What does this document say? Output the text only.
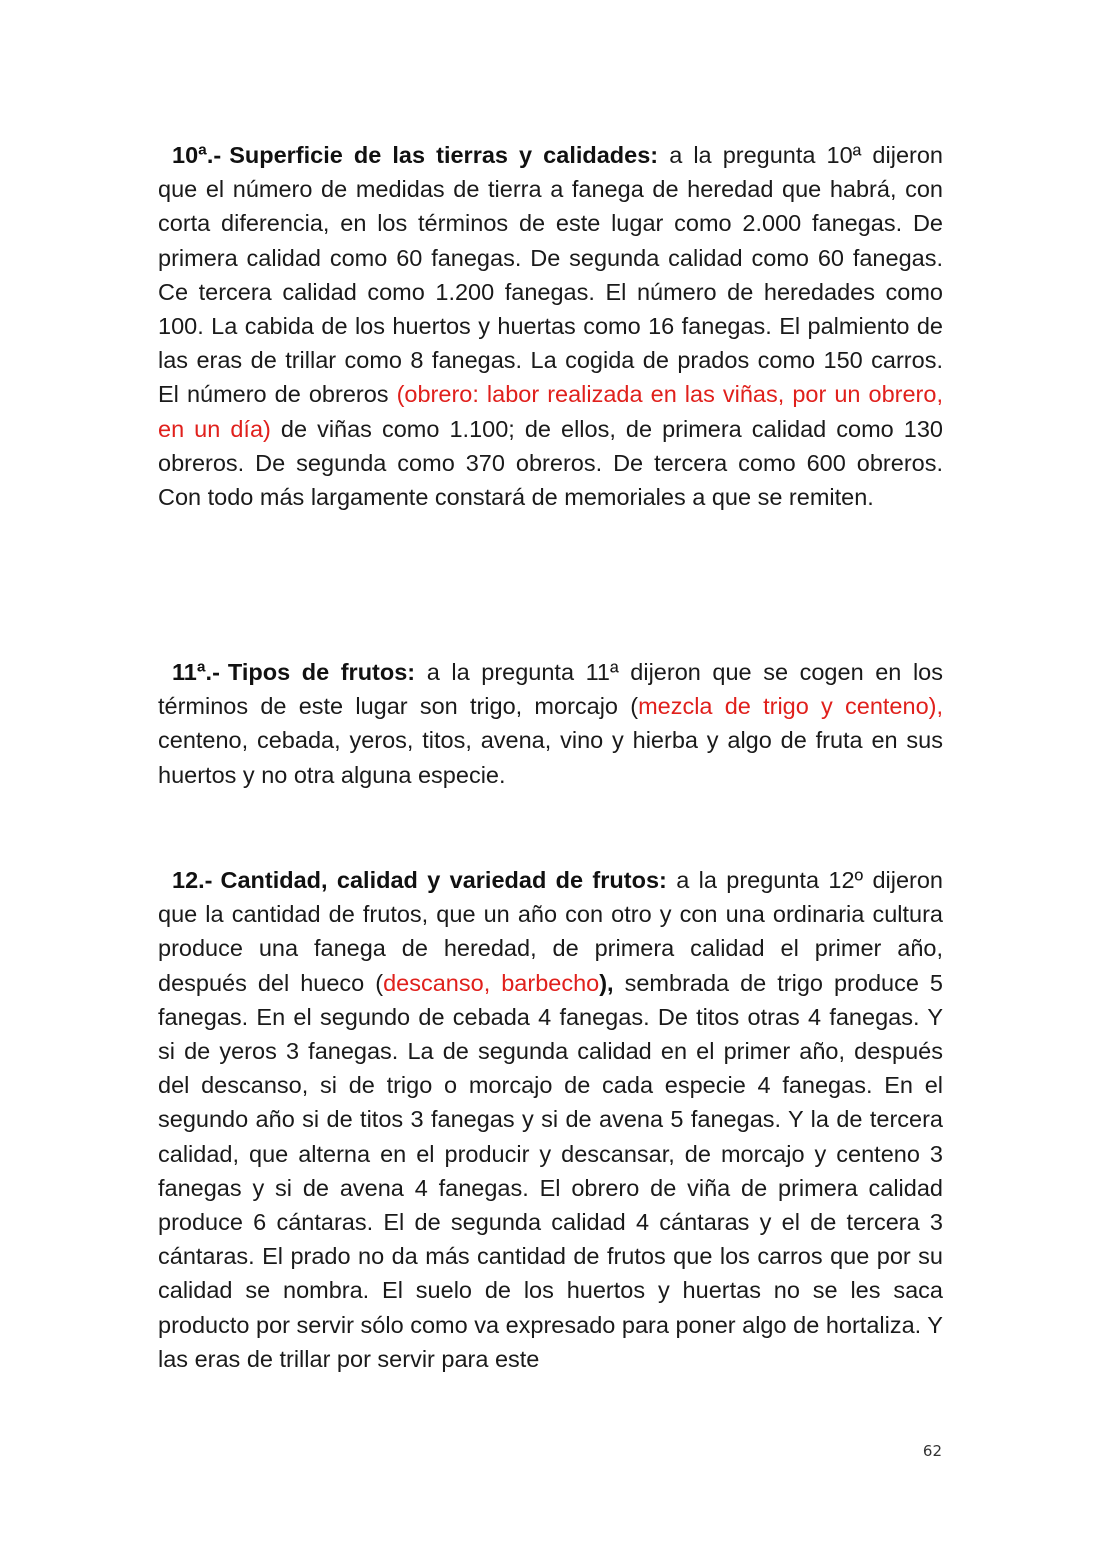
10ª.- Superficie de las tierras y calidades: a la pregunta 10ª dijeron que el número de medidas de tierra a fanega de heredad que habrá, con corta diferencia, en los términos de este lugar como 2.000 fanegas. De primera calidad como 60 fanegas. De segunda calidad como 60 fanegas. Ce tercera calidad como 1.200 fanegas. El número de heredades como 100. La cabida de los huertos y huertas como 16 fanegas. El palmiento de las eras de trillar como 8 fanegas. La cogida de prados como 150 carros. El número de obreros (obrero: labor realizada en las viñas, por un obrero, en un día) de viñas como 1.100; de ellos, de primera calidad como 130 obreros. De segunda como 370 obreros. De tercera como 600 obreros. Con todo más largamente constará de memoriales a que se remiten.

11ª.- Tipos de frutos: a la pregunta 11ª dijeron que se cogen en los términos de este lugar son trigo, morcajo (mezcla de trigo y centeno), centeno, cebada, yeros, titos, avena, vino y hierba y algo de fruta en sus huertos y no otra alguna especie.

12.- Cantidad, calidad y variedad de frutos: a la pregunta 12º dijeron que la cantidad de frutos, que un año con otro y con una ordinaria cultura produce una fanega de heredad, de primera calidad el primer año, después del hueco (descanso, barbecho), sembrada de trigo produce 5 fanegas. En el segundo de cebada 4 fanegas. De titos otras 4 fanegas. Y si de yeros 3 fanegas. La de segunda calidad en el primer año, después del descanso, si de trigo o morcajo de cada especie 4 fanegas. En el segundo año si de titos 3 fanegas y si de avena 5 fanegas. Y la de tercera calidad, que alterna en el producir y descansar, de morcajo y centeno 3 fanegas y si de avena 4 fanegas. El obrero de viña de primera calidad produce 6 cántaras. El de segunda calidad 4 cántaras y el de tercera 3 cántaras. El prado no da más cantidad de frutos que los carros que por su calidad se nombra. El suelo de los huertos y huertas no se les saca producto por servir sólo como va expresado para poner algo de hortaliza. Y las eras de trillar por servir para este

62
